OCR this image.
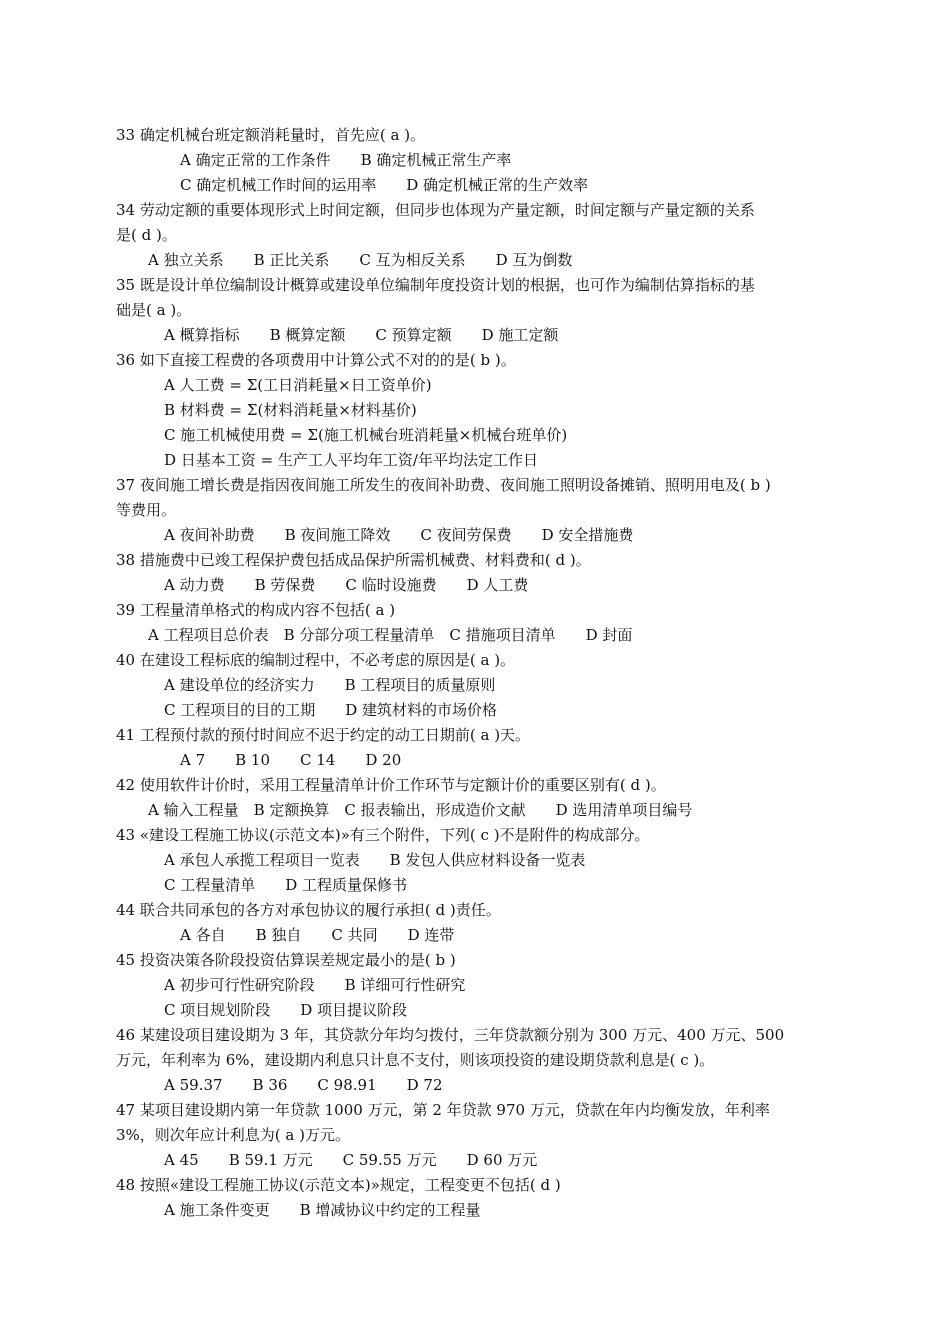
33 确定机械台班定额消耗量时，首先应( a )。
A 确定正常的工作条件　　B 确定机械正常生产率
C 确定机械工作时间的运用率　　D 确定机械正常的生产效率
34 劳动定额的重要体现形式上时间定额，但同步也体现为产量定额，时间定额与产量定额的关系
是( d )。
A 独立关系　　B 正比关系　　C 互为相反关系　　D 互为倒数
35 既是设计单位编制设计概算或建设单位编制年度投资计划的根据，也可作为编制估算指标的基
础是( a )。
A 概算指标　　B 概算定额　　C 预算定额　　D 施工定额
36 如下直接工程费的各项费用中计算公式不对的的是( b )。
A 人工费 = Σ(工日消耗量×日工资单价)
B 材料费 = Σ(材料消耗量×材料基价)
C 施工机械使用费 = Σ(施工机械台班消耗量×机械台班单价)
D 日基本工资 = 生产工人平均年工资/年平均法定工作日
37 夜间施工增长费是指因夜间施工所发生的夜间补助费、夜间施工照明设备摊销、照明用电及( b )
等费用。
A 夜间补助费　　B 夜间施工降效　　C 夜间劳保费　　D 安全措施费
38 措施费中已竣工程保护费包括成品保护所需机械费、材料费和( d )。
A 动力费　　B 劳保费　　C 临时设施费　　D 人工费
39 工程量清单格式的构成内容不包括( a )
A 工程项目总价表　B 分部分项工程量清单　C 措施项目清单　　D 封面
40 在建设工程标底的编制过程中，不必考虑的原因是( a )。
A 建设单位的经济实力　　B 工程项目的质量原则
C 工程项目的目的工期　　D 建筑材料的市场价格
41 工程预付款的预付时间应不迟于约定的动工日期前( a )天。
A 7　　B 10　　C 14　　D 20
42 使用软件计价时，采用工程量清单计价工作环节与定额计价的重要区别有( d )。
A 输入工程量　B 定额换算　C 报表输出，形成造价文献　　D 选用清单项目编号
43 «建设工程施工协议(示范文本)»有三个附件，下列( c )不是附件的构成部分。
A 承包人承揽工程项目一览表　　B 发包人供应材料设备一览表
C 工程量清单　　D 工程质量保修书
44 联合共同承包的各方对承包协议的履行承担( d )责任。
A 各自　　B 独自　　C 共同　　D 连带
45 投资决策各阶段投资估算误差规定最小的是( b )
A 初步可行性研究阶段　　B 详细可行性研究
C 项目规划阶段　　D 项目提议阶段
46 某建设项目建设期为 3 年，其贷款分年均匀拨付，三年贷款额分别为 300 万元、400 万元、500
万元，年利率为 6%，建设期内利息只计息不支付，则该项投资的建设期贷款利息是( c )。
A 59.37　　B 36　　C 98.91　　D 72
47 某项目建设期内第一年贷款 1000 万元，第 2 年贷款 970 万元，贷款在年内均衡发放，年利率
3%，则次年应计利息为( a )万元。
A 45　　B 59.1 万元　　C 59.55 万元　　D 60 万元
48 按照«建设工程施工协议(示范文本)»规定，工程变更不包括( d )
A 施工条件变更　　B 增减协议中约定的工程量
